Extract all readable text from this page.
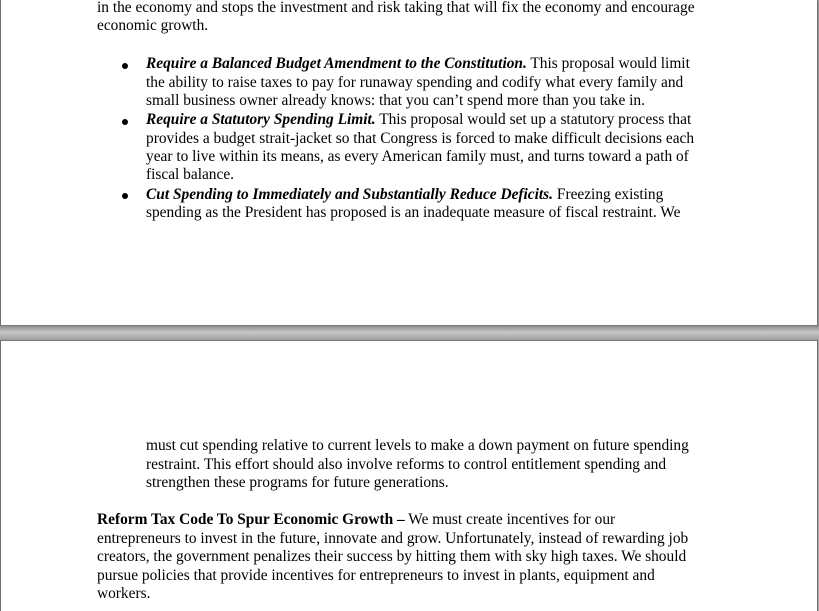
in the economy and stops the investment and risk taking that will fix the economy and encourage
economic growth.
Require a Balanced Budget Amendment to the Constitution. This proposal would limit
the ability to raise taxes to pay for runaway spending and codify what every family and
small business owner already knows: that you can’t spend more than you take in.
Require a Statutory Spending Limit. This proposal would set up a statutory process that
provides a budget strait-jacket so that Congress is forced to make difficult decisions each
year to live within its means, as every American family must, and turns toward a path of
fiscal balance.
Cut Spending to Immediately and Substantially Reduce Deficits. Freezing existing
spending as the President has proposed is an inadequate measure of fiscal restraint. We
must cut spending relative to current levels to make a down payment on future spending
restraint. This effort should also involve reforms to control entitlement spending and
strengthen these programs for future generations.
Reform Tax Code To Spur Economic Growth – We must create incentives for our
entrepreneurs to invest in the future, innovate and grow. Unfortunately, instead of rewarding job
creators, the government penalizes their success by hitting them with sky high taxes. We should
pursue policies that provide incentives for entrepreneurs to invest in plants, equipment and
workers.
